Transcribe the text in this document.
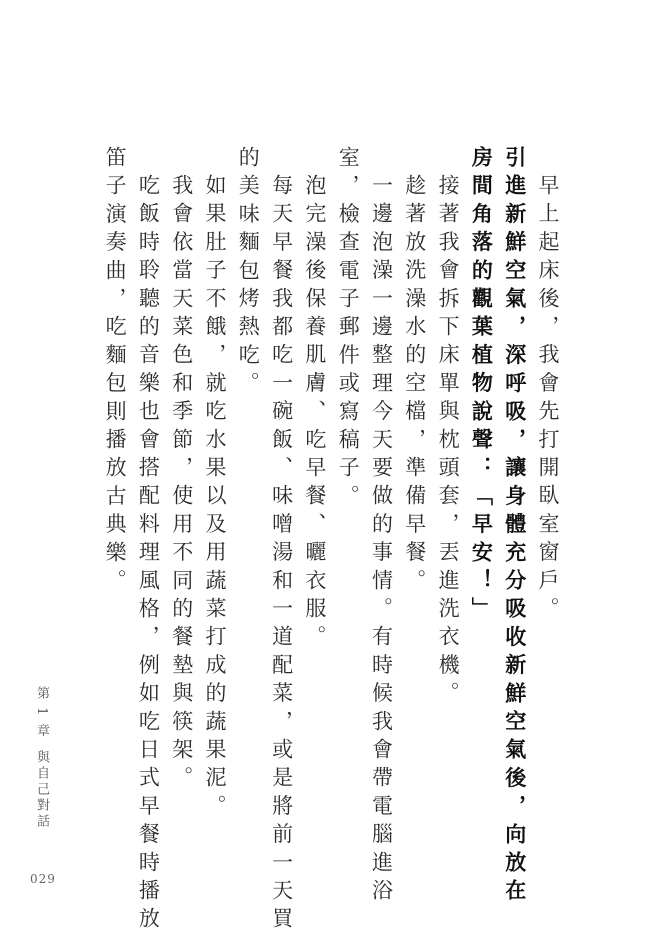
早上起床後，我會先打開臥室窗戶。
引進新鮮空氣，深呼吸，讓身體充分吸收新鮮空氣後，向放在
房間角落的觀葉植物說聲：「早安！」
接著我會拆下床單與枕頭套，丟進洗衣機。
趁著放洗澡水的空檔，準備早餐。
一邊泡澡一邊整理今天要做的事情。有時候我會帶電腦進浴
室，檢查電子郵件或寫稿子。
泡完澡後保養肌膚、吃早餐、曬衣服。
每天早餐我都吃一碗飯、味噌湯和一道配菜，或是將前一天買
的美味麵包烤熱吃。
如果肚子不餓，就吃水果以及用蔬菜打成的蔬果泥。
我會依當天菜色和季節，使用不同的餐墊與筷架。
吃飯時聆聽的音樂也會搭配料理風格，例如吃日式早餐時播放
笛子演奏曲，吃麵包則播放古典樂。
第 1 章
與自己對話
029
